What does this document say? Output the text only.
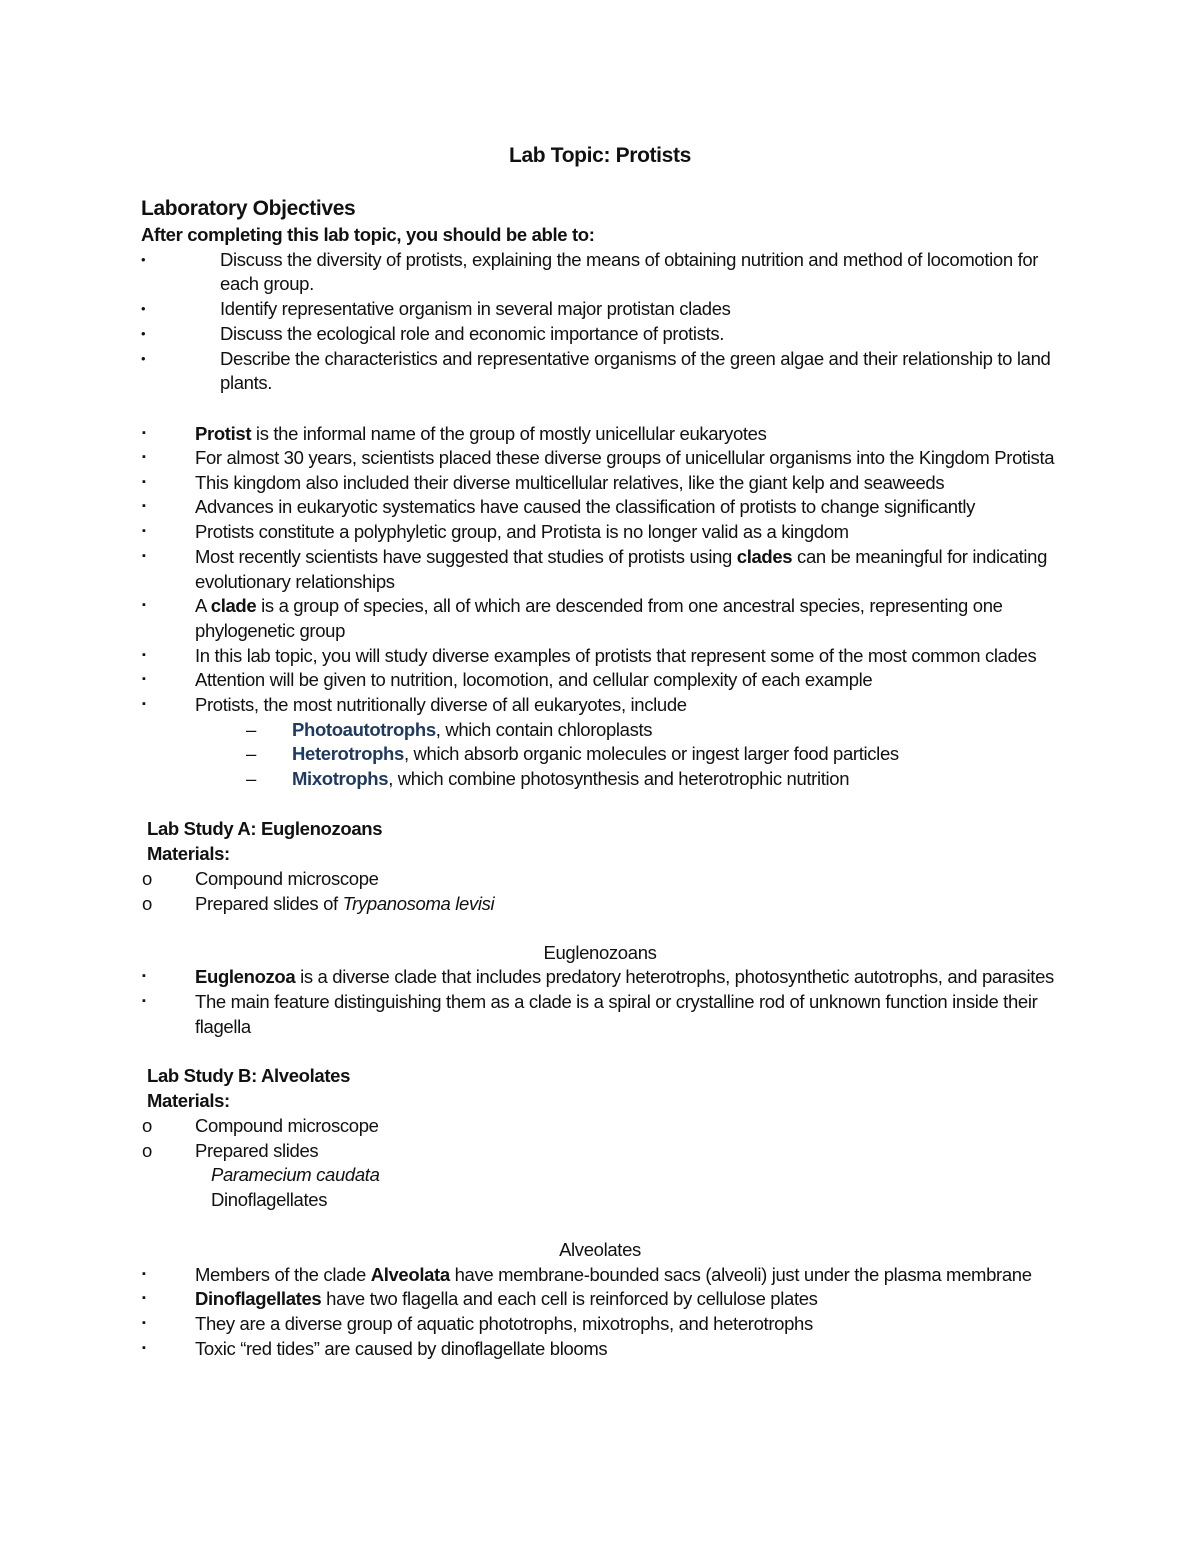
Lab Topic: Protists
Laboratory Objectives
After completing this lab topic, you should be able to:
•	Discuss the diversity of protists, explaining the means of obtaining nutrition and method of locomotion for
each group.
•	Identify representative organism in several major protistan clades
•	Discuss the ecological role and economic importance of protists.
•	Describe the characteristics and representative organisms of the green algae and their relationship to land
plants.
▪	Protist is the informal name of the group of mostly unicellular eukaryotes
▪	For almost 30 years, scientists placed these diverse groups of unicellular organisms into the Kingdom Protista
▪	This kingdom also included their diverse multicellular relatives, like the giant kelp and seaweeds
▪	Advances in eukaryotic systematics have caused the classification of protists to change significantly
▪	Protists constitute a polyphyletic group, and Protista is no longer valid as a kingdom
▪	Most recently scientists have suggested that studies of protists using clades can be meaningful for indicating
evolutionary relationships
▪	A clade is a group of species, all of which are descended from one ancestral species, representing one
phylogenetic group
▪	In this lab topic, you will study diverse examples of protists that represent some of the most common clades
▪	Attention will be given to nutrition, locomotion, and cellular complexity of each example
▪	Protists, the most nutritionally diverse of all eukaryotes, include
– Photoautotrophs, which contain chloroplasts
– Heterotrophs, which absorb organic molecules or ingest larger food particles
– Mixotrophs, which combine photosynthesis and heterotrophic nutrition
Lab Study A: Euglenozoans
Materials:
o Compound microscope
o Prepared slides of Trypanosoma levisi
Euglenozoans
▪	Euglenozoa is a diverse clade that includes predatory heterotrophs, photosynthetic autotrophs, and parasites
▪	The main feature distinguishing them as a clade is a spiral or crystalline rod of unknown function inside their
flagella
Lab Study B: Alveolates
Materials:
o Compound microscope
o Prepared slides
Paramecium caudata
Dinoflagellates
Alveolates
▪	Members of the clade Alveolata have membrane-bounded sacs (alveoli) just under the plasma membrane
▪	Dinoflagellates have two flagella and each cell is reinforced by cellulose plates
▪	They are a diverse group of aquatic phototrophs, mixotrophs, and heterotrophs
▪	Toxic “red tides” are caused by dinoflagellate blooms
